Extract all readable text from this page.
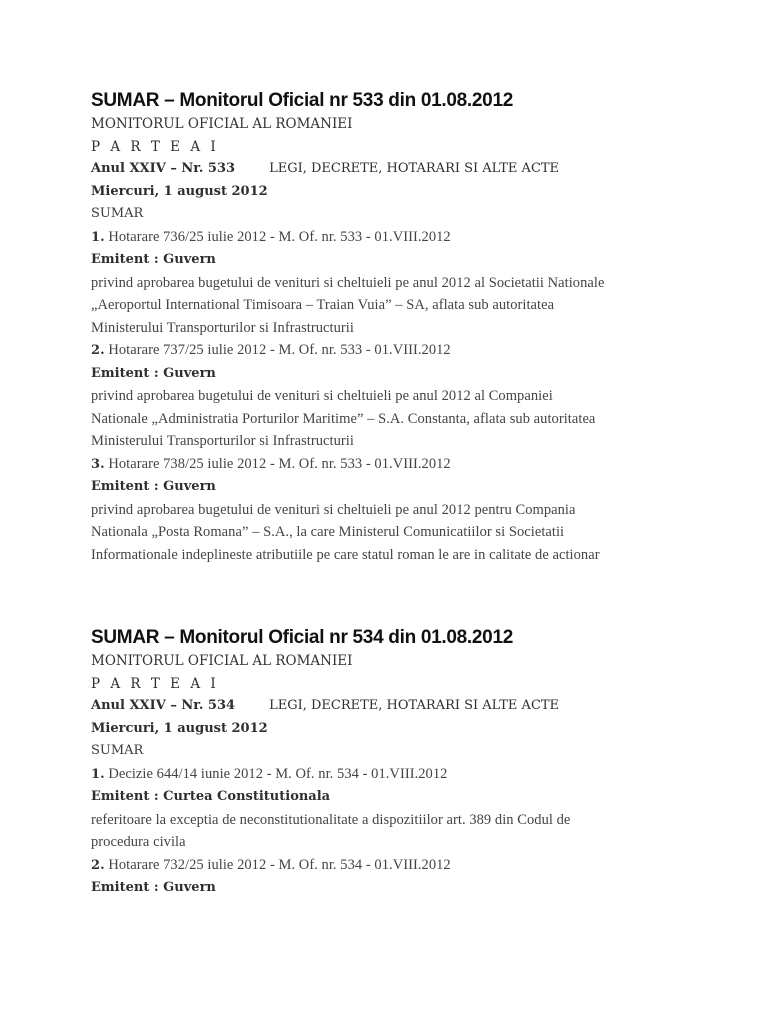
SUMAR – Monitorul Oficial nr 533 din 01.08.2012
MONITORUL OFICIAL AL ROMANIEI
P A R T E A I
Anul XXIV – Nr. 533	LEGI, DECRETE, HOTARARI SI ALTE ACTE
Miercuri, 1 august 2012
SUMAR
1. Hotarare 736/25 iulie 2012 - M. Of. nr. 533 - 01.VIII.2012
Emitent : Guvern
privind aprobarea bugetului de venituri si cheltuieli pe anul 2012 al Societatii Nationale
„Aeroportul International Timisoara – Traian Vuia” – SA, aflata sub autoritatea
Ministerului Transporturilor si Infrastructurii
2. Hotarare 737/25 iulie 2012 - M. Of. nr. 533 - 01.VIII.2012
Emitent : Guvern
privind aprobarea bugetului de venituri si cheltuieli pe anul 2012 al Companiei
Nationale „Administratia Porturilor Maritime” – S.A. Constanta, aflata sub autoritatea
Ministerului Transporturilor si Infrastructurii
3. Hotarare 738/25 iulie 2012 - M. Of. nr. 533 - 01.VIII.2012
Emitent : Guvern
privind aprobarea bugetului de venituri si cheltuieli pe anul 2012 pentru Compania
Nationala „Posta Romana” – S.A., la care Ministerul Comunicatiilor si Societatii
Informationale indeplineste atributiile pe care statul roman le are in calitate de actionar
SUMAR – Monitorul Oficial nr 534 din 01.08.2012
MONITORUL OFICIAL AL ROMANIEI
P A R T E A I
Anul XXIV – Nr. 534	LEGI, DECRETE, HOTARARI SI ALTE ACTE
Miercuri, 1 august 2012
SUMAR
1. Decizie 644/14 iunie 2012 - M. Of. nr. 534 - 01.VIII.2012
Emitent : Curtea Constitutionala
referitoare la exceptia de neconstitutionalitate a dispozitiilor art. 389 din Codul de
procedura civila
2. Hotarare 732/25 iulie 2012 - M. Of. nr. 534 - 01.VIII.2012
Emitent : Guvern
